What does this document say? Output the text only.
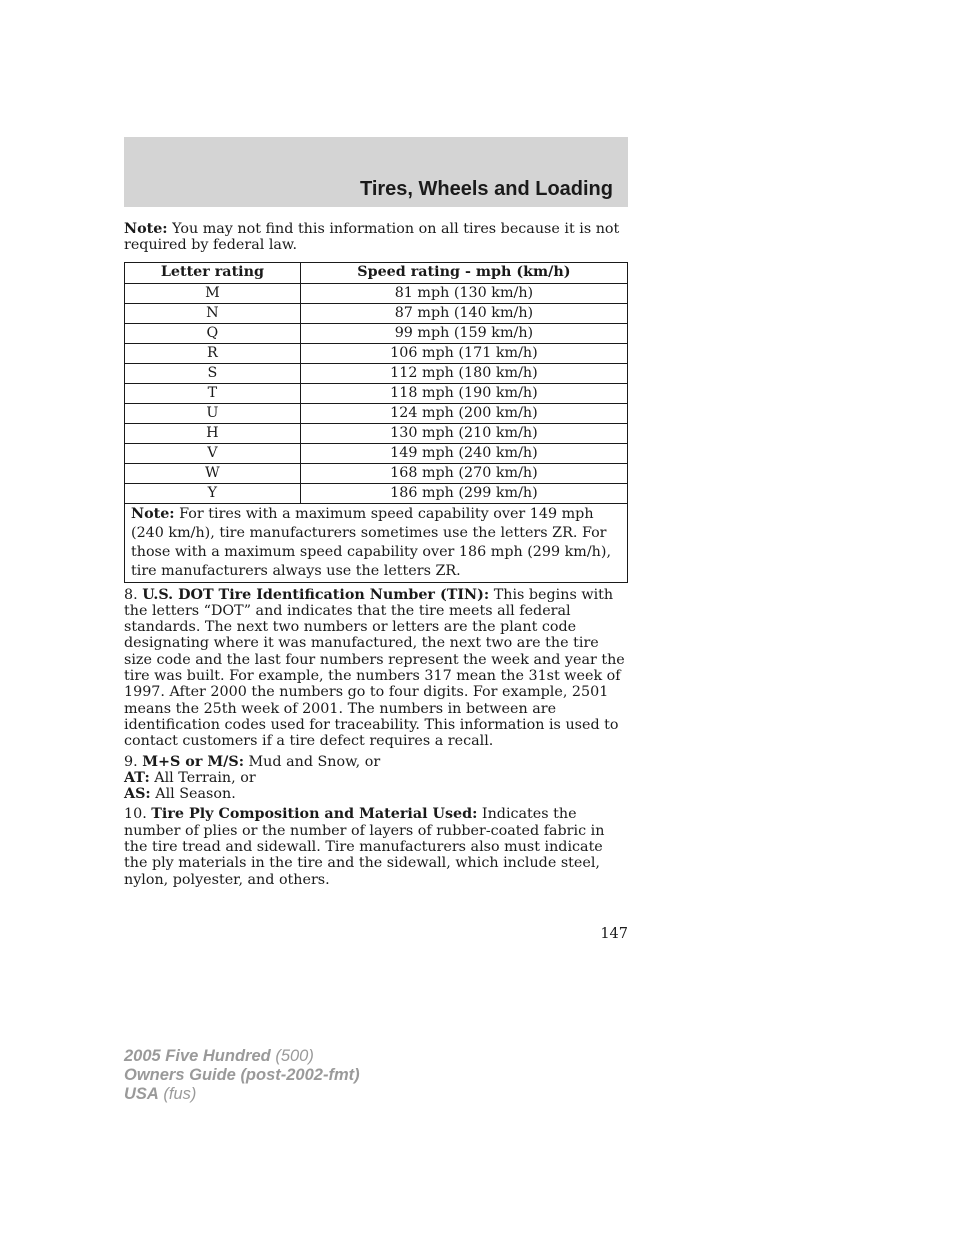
Tires, Wheels and Loading

Note: You may not find this information on all tires because it is not required by federal law.

Letter rating	Speed rating - mph (km/h)
M	81 mph (130 km/h)
N	87 mph (140 km/h)
Q	99 mph (159 km/h)
R	106 mph (171 km/h)
S	112 mph (180 km/h)
T	118 mph (190 km/h)
U	124 mph (200 km/h)
H	130 mph (210 km/h)
V	149 mph (240 km/h)
W	168 mph (270 km/h)
Y	186 mph (299 km/h)
Note: For tires with a maximum speed capability over 149 mph (240 km/h), tire manufacturers sometimes use the letters ZR. For those with a maximum speed capability over 186 mph (299 km/h), tire manufacturers always use the letters ZR.	

8. U.S. DOT Tire Identification Number (TIN): This begins with the letters “DOT” and indicates that the tire meets all federal standards. The next two numbers or letters are the plant code designating where it was manufactured, the next two are the tire size code and the last four numbers represent the week and year the tire was built. For example, the numbers 317 mean the 31st week of 1997. After 2000 the numbers go to four digits. For example, 2501 means the 25th week of 2001. The numbers in between are identification codes used for traceability. This information is used to contact customers if a tire defect requires a recall.

9. M+S or M/S: Mud and Snow, or
AT: All Terrain, or
AS: All Season.

10. Tire Ply Composition and Material Used: Indicates the number of plies or the number of layers of rubber-coated fabric in the tire tread and sidewall. Tire manufacturers also must indicate the ply materials in the tire and the sidewall, which include steel, nylon, polyester, and others.

147
2005 Five Hundred (500)
Owners Guide (post-2002-fmt)
USA (fus)
